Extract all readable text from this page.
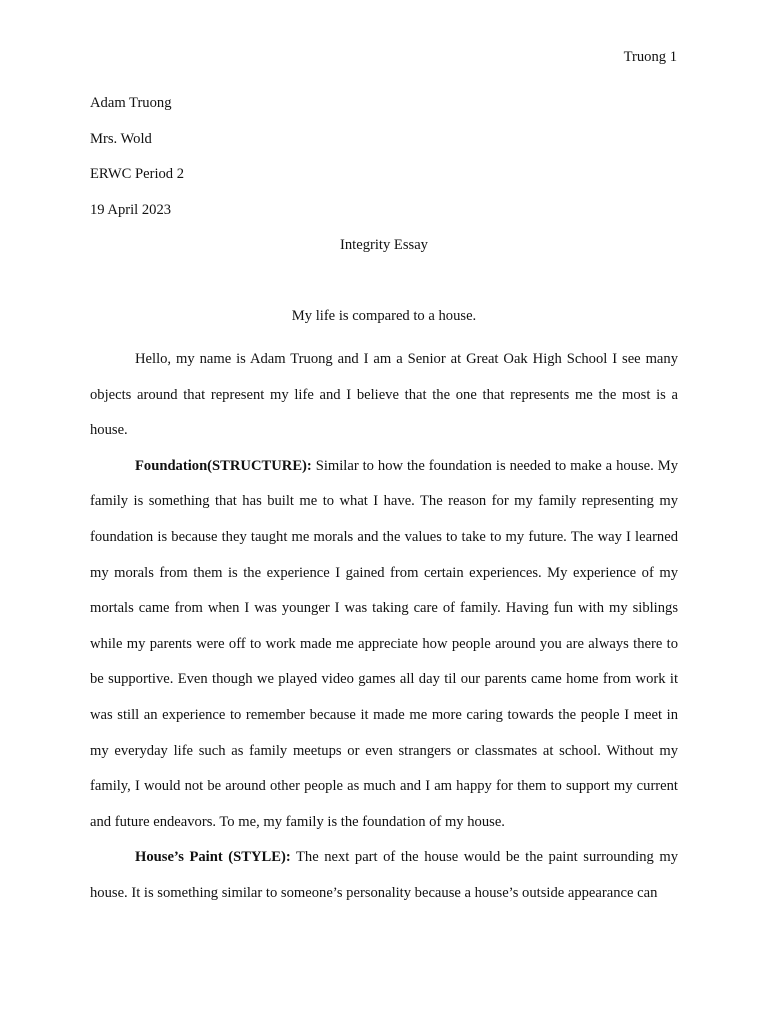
Truong 1
Adam Truong
Mrs. Wold
ERWC Period 2
19 April 2023
Integrity Essay
My life is compared to a house.

Hello, my name is Adam Truong and I am a Senior at Great Oak High School I see many objects around that represent my life and I believe that the one that represents me the most is a house.

Foundation(STRUCTURE): Similar to how the foundation is needed to make a house. My family is something that has built me to what I have. The reason for my family representing my foundation is because they taught me morals and the values to take to my future. The way I learned my morals from them is the experience I gained from certain experiences. My experience of my mortals came from when I was younger I was taking care of family. Having fun with my siblings while my parents were off to work made me appreciate how people around you are always there to be supportive. Even though we played video games all day til our parents came home from work it was still an experience to remember because it made me more caring towards the people I meet in my everyday life such as family meetups or even strangers or classmates at school. Without my family, I would not be around other people as much and I am happy for them to support my current and future endeavors. To me, my family is the foundation of my house.

House’s Paint (STYLE): The next part of the house would be the paint surrounding my house. It is something similar to someone’s personality because a house’s outside appearance can
